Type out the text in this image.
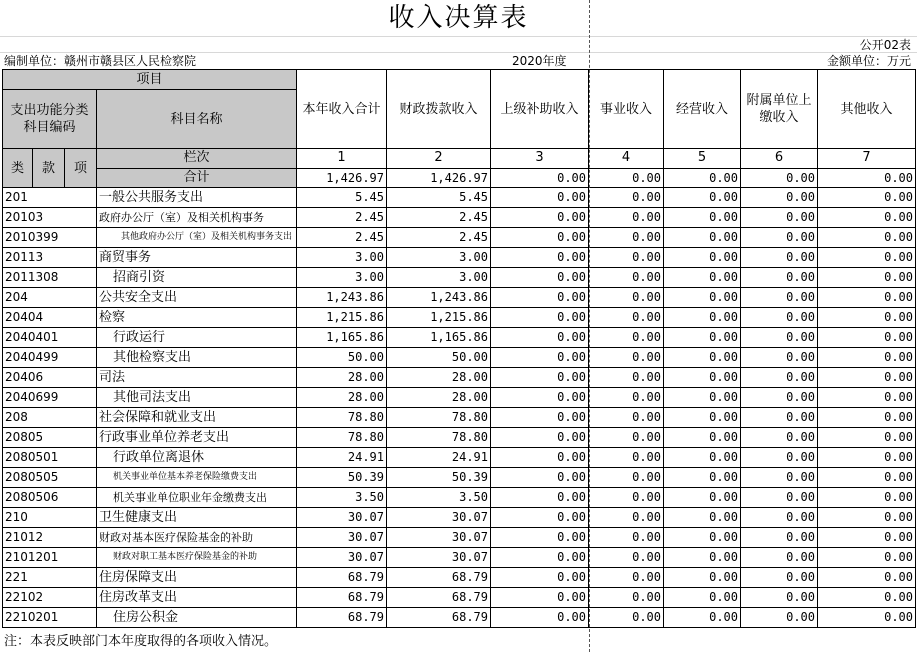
收入决算表
公开02表
编制单位：赣州市赣县区人民检察院	2020年度	金额单位：万元
项目				本年收入合计	财政拨款收入	上级补助收入	事业收入	经营收入	附属单位上缴收入	其他收入
支出功能分类科目编码			科目名称							

类	款	项	栏次	1	2	3	4	5	6	7
			合计	1,426.97	1,426.97	0.00	0.00	0.00	0.00	0.00
201			一般公共服务支出	5.45	5.45	0.00	0.00	0.00	0.00	0.00
20103			政府办公厅（室）及相关机构事务	2.45	2.45	0.00	0.00	0.00	0.00	0.00
2010399			其他政府办公厅（室）及相关机构事务支出	2.45	2.45	0.00	0.00	0.00	0.00	0.00
20113			商贸事务	3.00	3.00	0.00	0.00	0.00	0.00	0.00
2011308			招商引资	3.00	3.00	0.00	0.00	0.00	0.00	0.00
204			公共安全支出	1,243.86	1,243.86	0.00	0.00	0.00	0.00	0.00
20404			检察	1,215.86	1,215.86	0.00	0.00	0.00	0.00	0.00
2040401			行政运行	1,165.86	1,165.86	0.00	0.00	0.00	0.00	0.00
2040499			其他检察支出	50.00	50.00	0.00	0.00	0.00	0.00	0.00
20406			司法	28.00	28.00	0.00	0.00	0.00	0.00	0.00
2040699			其他司法支出	28.00	28.00	0.00	0.00	0.00	0.00	0.00
208			社会保障和就业支出	78.80	78.80	0.00	0.00	0.00	0.00	0.00
20805			行政事业单位养老支出	78.80	78.80	0.00	0.00	0.00	0.00	0.00
2080501			行政单位离退休	24.91	24.91	0.00	0.00	0.00	0.00	0.00
2080505			机关事业单位基本养老保险缴费支出	50.39	50.39	0.00	0.00	0.00	0.00	0.00
2080506			机关事业单位职业年金缴费支出	3.50	3.50	0.00	0.00	0.00	0.00	0.00
210			卫生健康支出	30.07	30.07	0.00	0.00	0.00	0.00	0.00
21012			财政对基本医疗保险基金的补助	30.07	30.07	0.00	0.00	0.00	0.00	0.00
2101201			财政对职工基本医疗保险基金的补助	30.07	30.07	0.00	0.00	0.00	0.00	0.00
221			住房保障支出	68.79	68.79	0.00	0.00	0.00	0.00	0.00
22102			住房改革支出	68.79	68.79	0.00	0.00	0.00	0.00	0.00
2210201			住房公积金	68.79	68.79	0.00	0.00	0.00	0.00	0.00
注：本表反映部门本年度取得的各项收入情况。
